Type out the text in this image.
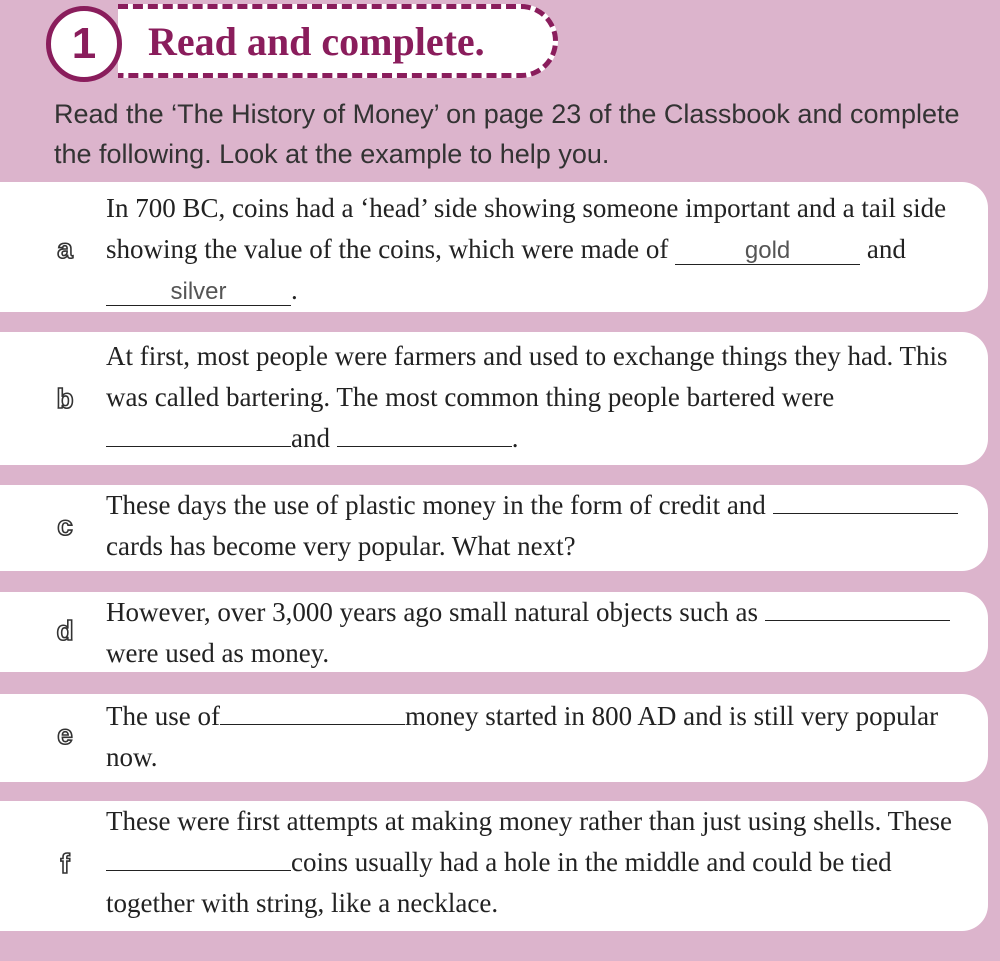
1	Read and complete.
Read the ‘The History of Money’ on page 23 of the Classbook and complete the following. Look at the example to help you.
a
In 700 BC, coins had a ‘head’ side showing someone important and a tail side showing the value of the coins, which were made of	gold	and silver .
b
At first, most people were farmers and used to exchange things they had. This was called bartering. The most common thing people bartered wereand	.
c
These days the use of plastic money in the form of credit and  cards has become very popular. What next?
d
However, over 3,000 years ago small natural objects such as  were used as money.
e
The use of	money started in 800 AD and is still very popular now.
f
These were first attempts at making money rather than just using shells. Thesecoins usually had a hole in the middle and could be tied together with string, like a necklace.
